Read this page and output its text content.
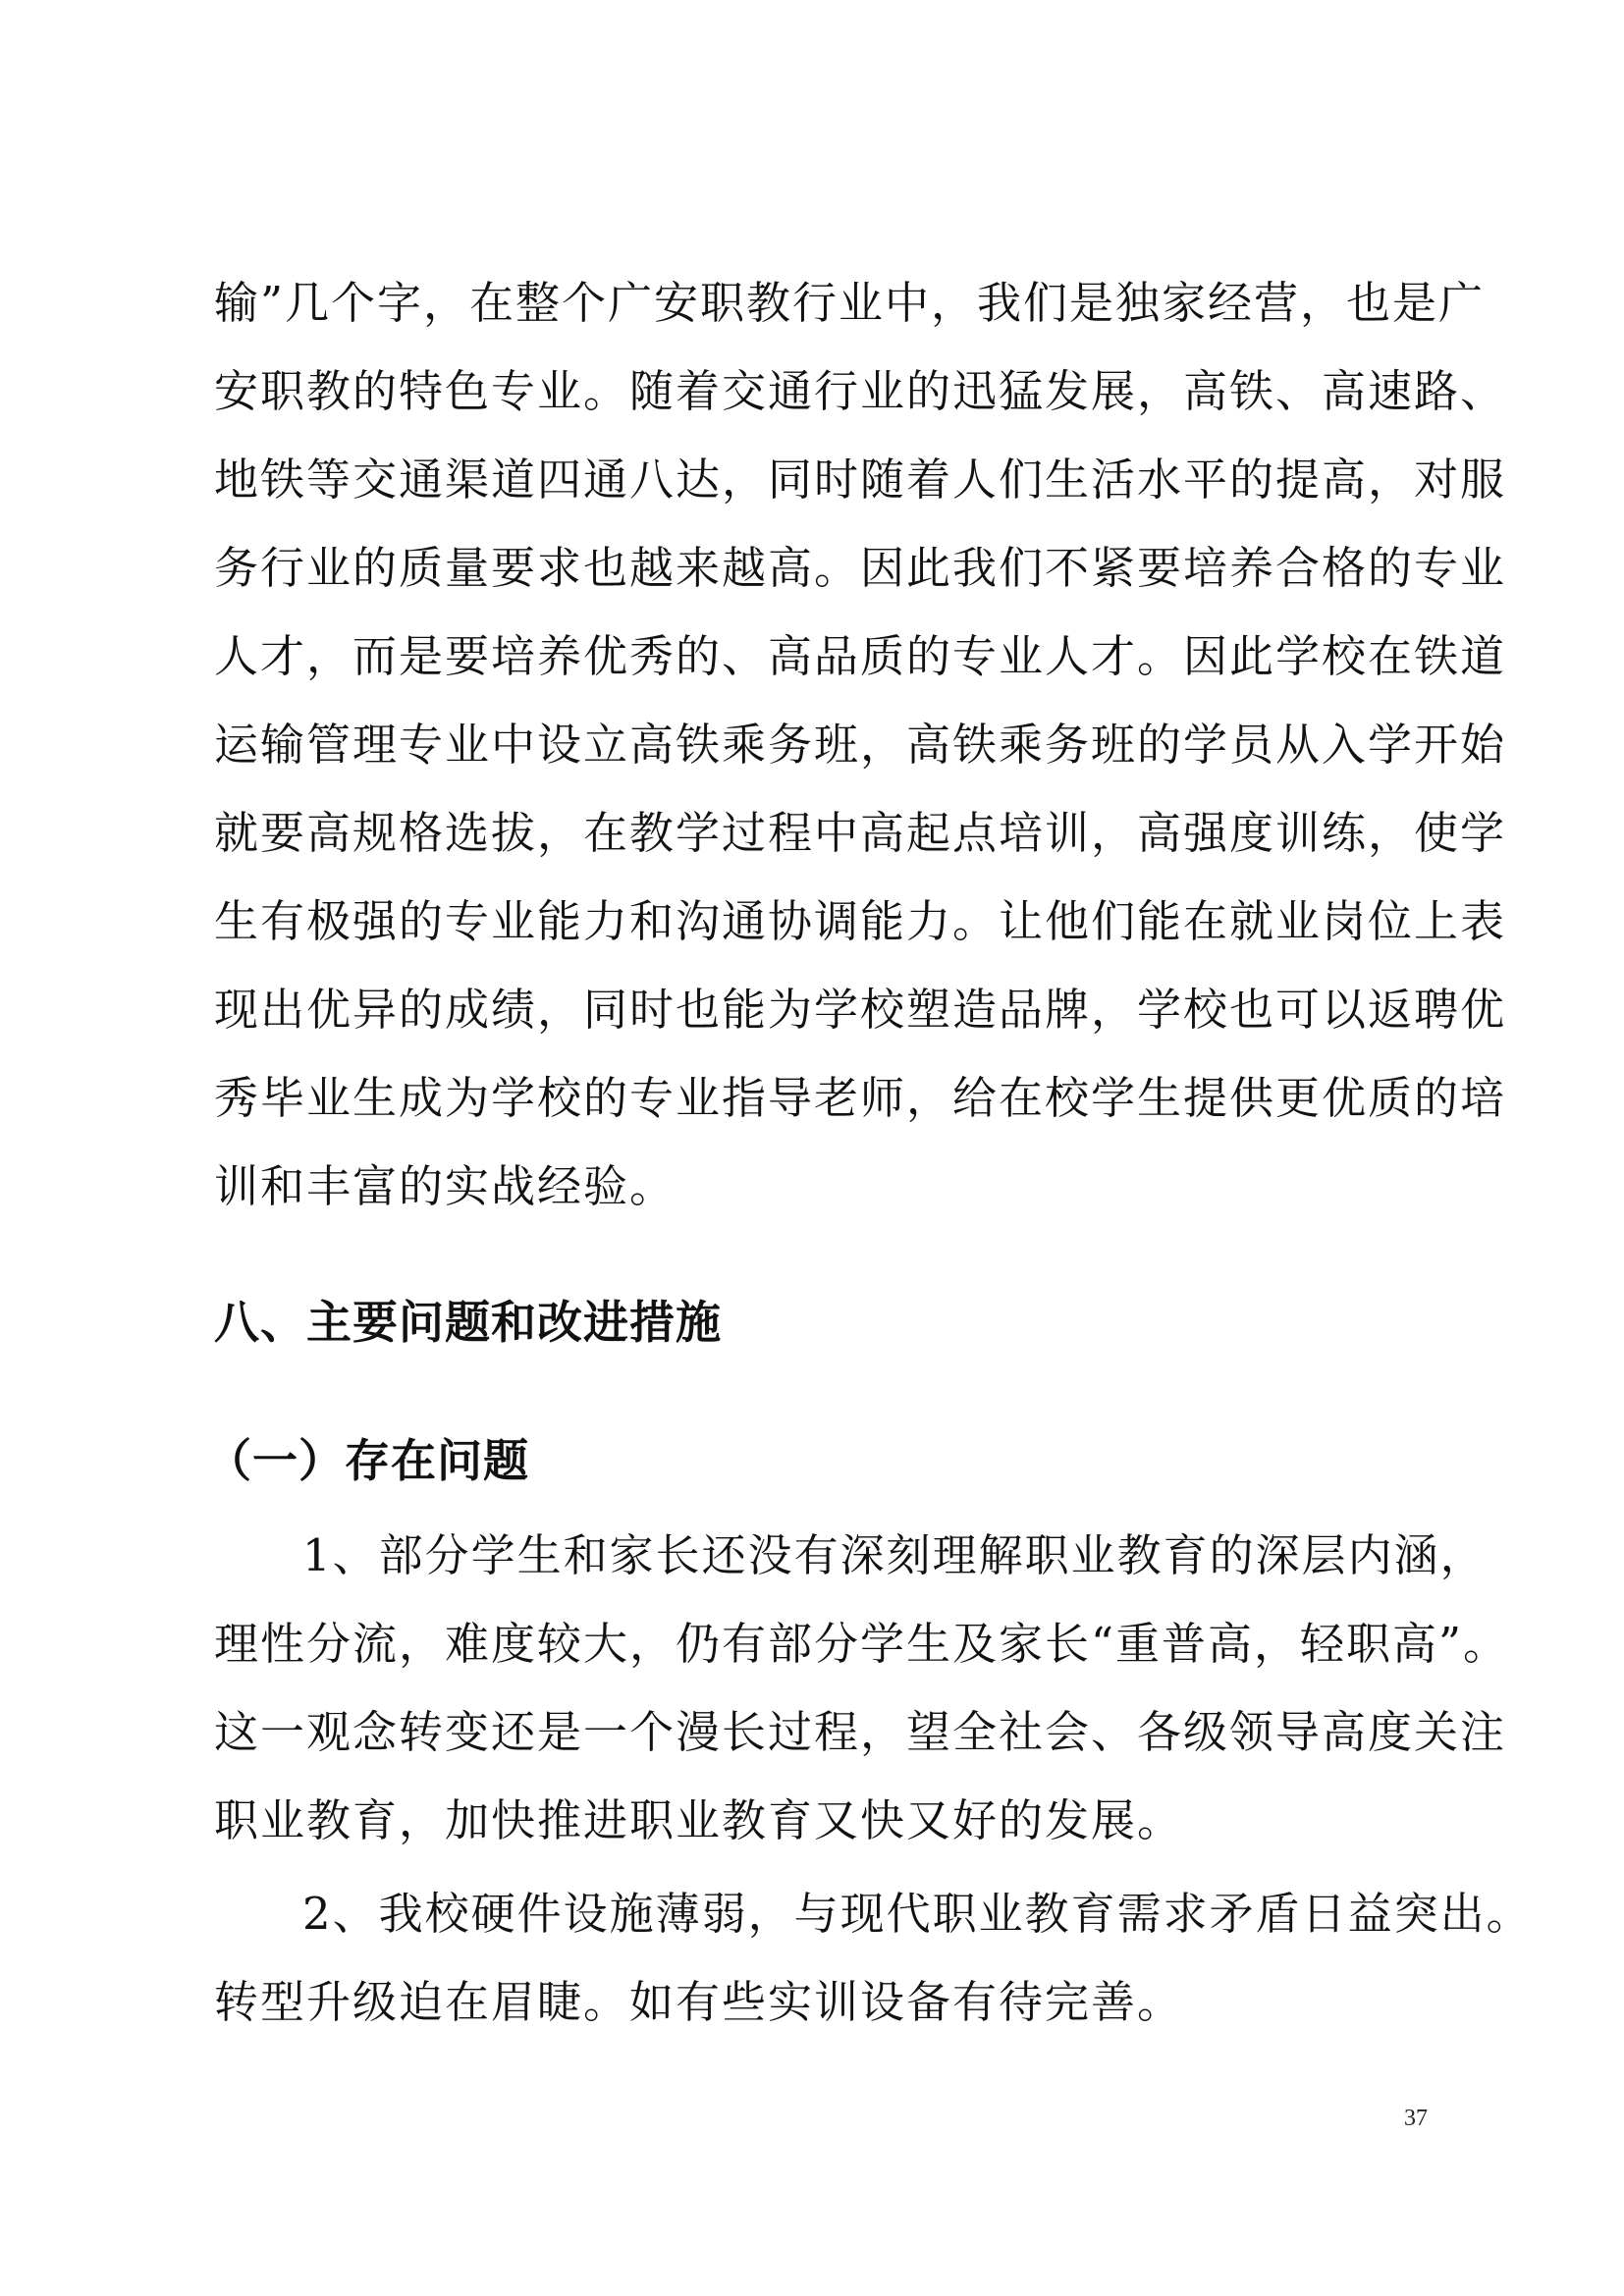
输”几个字，在整个广安职教行业中，我们是独家经营，也是广
安职教的特色专业。随着交通行业的迅猛发展，高铁、高速路、
地铁等交通渠道四通八达，同时随着人们生活水平的提高，对服
务行业的质量要求也越来越高。因此我们不紧要培养合格的专业
人才，而是要培养优秀的、高品质的专业人才。因此学校在铁道
运输管理专业中设立高铁乘务班，高铁乘务班的学员从入学开始
就要高规格选拔，在教学过程中高起点培训，高强度训练，使学
生有极强的专业能力和沟通协调能力。让他们能在就业岗位上表
现出优异的成绩，同时也能为学校塑造品牌，学校也可以返聘优
秀毕业生成为学校的专业指导老师，给在校学生提供更优质的培
训和丰富的实战经验。
八、主要问题和改进措施
（一）存在问题
1、部分学生和家长还没有深刻理解职业教育的深层内涵，
理性分流，难度较大，仍有部分学生及家长“重普高，轻职高”。
这一观念转变还是一个漫长过程，望全社会、各级领导高度关注
职业教育，加快推进职业教育又快又好的发展。
2、我校硬件设施薄弱，与现代职业教育需求矛盾日益突出。
转型升级迫在眉睫。如有些实训设备有待完善。
37
